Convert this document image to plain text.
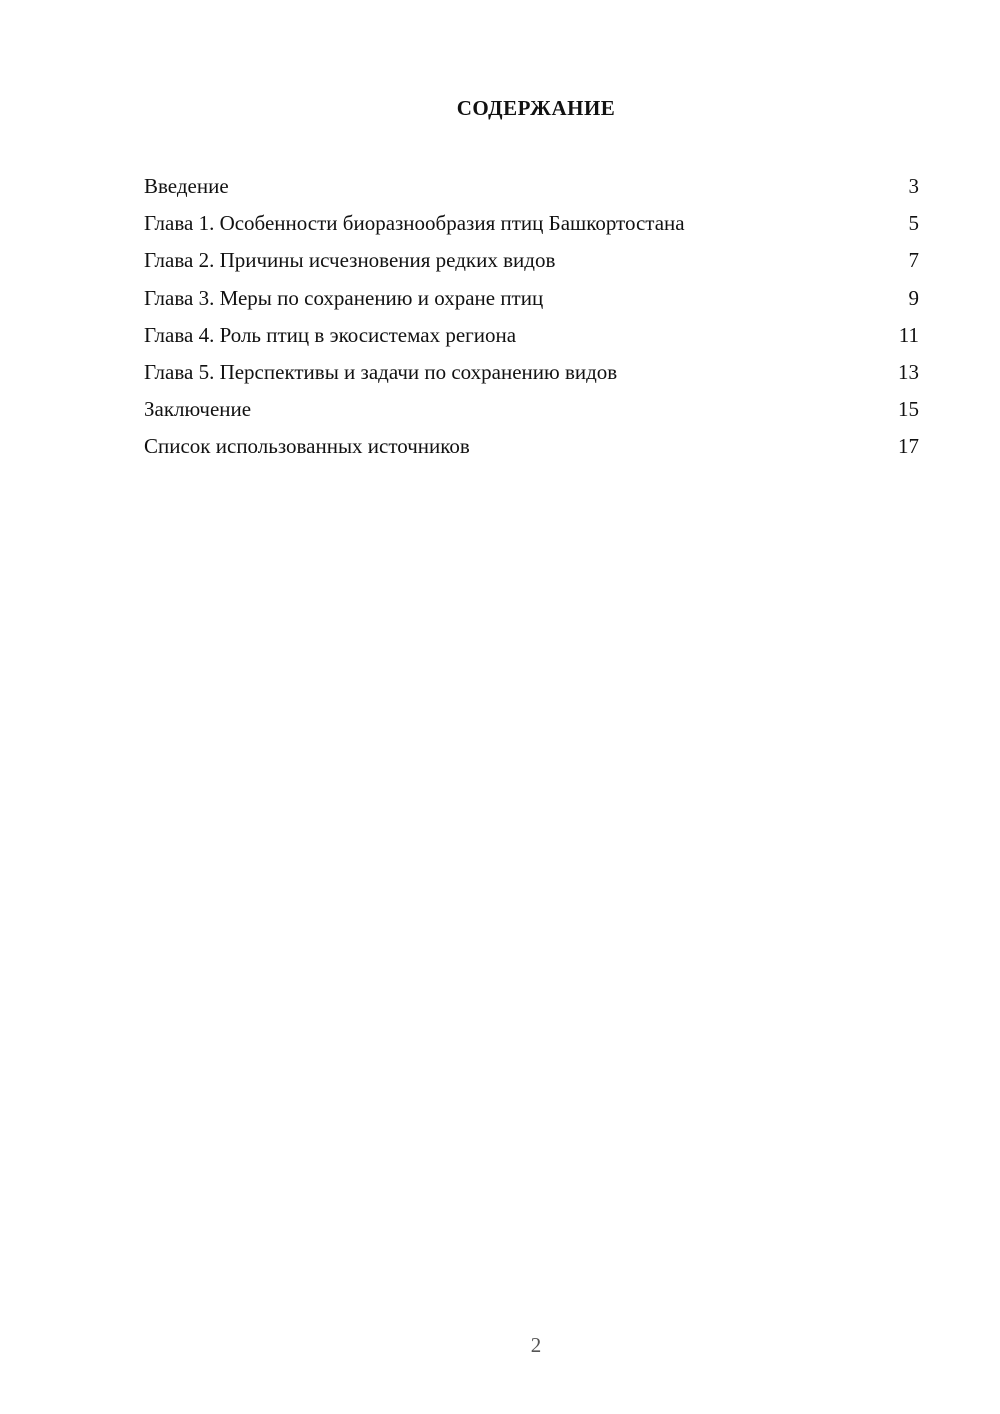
СОДЕРЖАНИЕ
Введение	3
Глава 1. Особенности биоразнообразия птиц Башкортостана	5
Глава 2. Причины исчезновения редких видов	7
Глава 3. Меры по сохранению и охране птиц	9
Глава 4. Роль птиц в экосистемах региона	11
Глава 5. Перспективы и задачи по сохранению видов	13
Заключение	15
Список использованных источников	17
2
